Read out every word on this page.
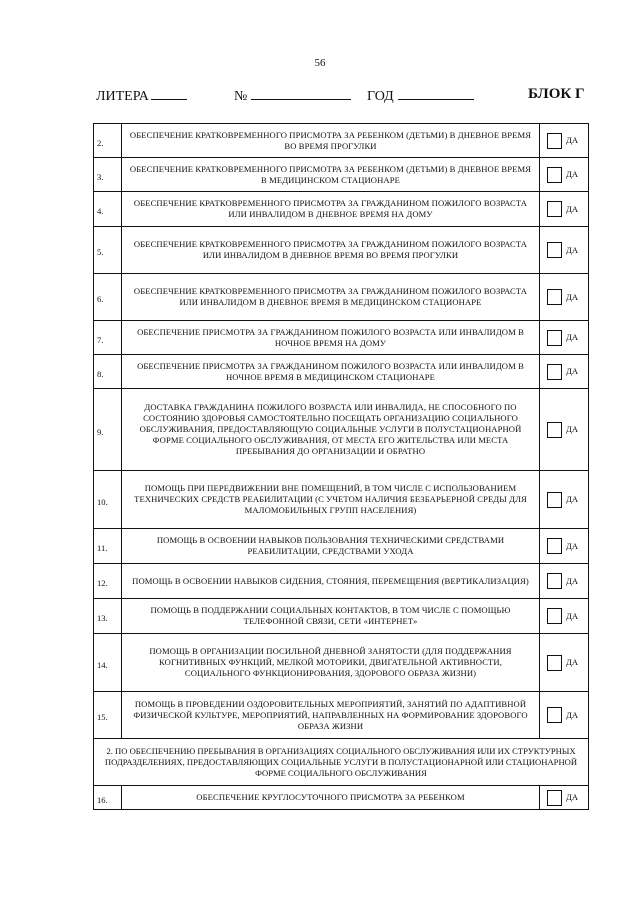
56
ЛИТЕРА	№	ГОД	БЛОК Г
2.	ОБЕСПЕЧЕНИЕ КРАТКОВРЕМЕННОГО ПРИСМОТРА ЗА РЕБЕНКОМ (ДЕТЬМИ) В ДНЕВНОЕ ВРЕМЯ ВО ВРЕМЯ ПРОГУЛКИ	ДА
3.	ОБЕСПЕЧЕНИЕ КРАТКОВРЕМЕННОГО ПРИСМОТРА ЗА РЕБЕНКОМ (ДЕТЬМИ) В ДНЕВНОЕ ВРЕМЯ В МЕДИЦИНСКОМ СТАЦИОНАРЕ	ДА
4.	ОБЕСПЕЧЕНИЕ КРАТКОВРЕМЕННОГО ПРИСМОТРА ЗА ГРАЖДАНИНОМ ПОЖИЛОГО ВОЗРАСТА ИЛИ ИНВАЛИДОМ В ДНЕВНОЕ ВРЕМЯ НА ДОМУ	ДА
5.	ОБЕСПЕЧЕНИЕ КРАТКОВРЕМЕННОГО ПРИСМОТРА ЗА ГРАЖДАНИНОМ ПОЖИЛОГО ВОЗРАСТА ИЛИ ИНВАЛИДОМ В ДНЕВНОЕ ВРЕМЯ ВО ВРЕМЯ ПРОГУЛКИ	ДА
6.	ОБЕСПЕЧЕНИЕ КРАТКОВРЕМЕННОГО ПРИСМОТРА ЗА ГРАЖДАНИНОМ ПОЖИЛОГО ВОЗРАСТА ИЛИ ИНВАЛИДОМ В ДНЕВНОЕ ВРЕМЯ В МЕДИЦИНСКОМ СТАЦИОНАРЕ	ДА
7.	ОБЕСПЕЧЕНИЕ ПРИСМОТРА ЗА ГРАЖДАНИНОМ ПОЖИЛОГО ВОЗРАСТА ИЛИ ИНВАЛИДОМ В НОЧНОЕ ВРЕМЯ НА ДОМУ	ДА
8.	ОБЕСПЕЧЕНИЕ ПРИСМОТРА ЗА ГРАЖДАНИНОМ ПОЖИЛОГО ВОЗРАСТА ИЛИ ИНВАЛИДОМ В НОЧНОЕ ВРЕМЯ В МЕДИЦИНСКОМ СТАЦИОНАРЕ	ДА
9.	ДОСТАВКА ГРАЖДАНИНА ПОЖИЛОГО ВОЗРАСТА ИЛИ ИНВАЛИДА, НЕ СПОСОБНОГО ПО СОСТОЯНИЮ ЗДОРОВЬЯ САМОСТОЯТЕЛЬНО ПОСЕЩАТЬ ОРГАНИЗАЦИЮ СОЦИАЛЬНОГО ОБСЛУЖИВАНИЯ, ПРЕДОСТАВЛЯЮЩУЮ СОЦИАЛЬНЫЕ УСЛУГИ В ПОЛУСТАЦИОНАРНОЙ ФОРМЕ СОЦИАЛЬНОГО ОБСЛУЖИВАНИЯ, ОТ МЕСТА ЕГО ЖИТЕЛЬСТВА ИЛИ МЕСТА ПРЕБЫВАНИЯ ДО ОРГАНИЗАЦИИ И ОБРАТНО	ДА
10.	ПОМОЩЬ ПРИ ПЕРЕДВИЖЕНИИ ВНЕ ПОМЕЩЕНИЙ, В ТОМ ЧИСЛЕ С ИСПОЛЬЗОВАНИЕМ ТЕХНИЧЕСКИХ СРЕДСТВ РЕАБИЛИТАЦИИ (С УЧЕТОМ НАЛИЧИЯ БЕЗБАРЬЕРНОЙ СРЕДЫ ДЛЯ МАЛОМОБИЛЬНЫХ ГРУПП НАСЕЛЕНИЯ)	ДА
11.	ПОМОЩЬ В ОСВОЕНИИ НАВЫКОВ ПОЛЬЗОВАНИЯ ТЕХНИЧЕСКИМИ СРЕДСТВАМИ РЕАБИЛИТАЦИИ, СРЕДСТВАМИ УХОДА	ДА
12.	ПОМОЩЬ В ОСВОЕНИИ НАВЫКОВ СИДЕНИЯ, СТОЯНИЯ, ПЕРЕМЕЩЕНИЯ (ВЕРТИКАЛИЗАЦИЯ)	ДА
13.	ПОМОЩЬ В ПОДДЕРЖАНИИ СОЦИАЛЬНЫХ КОНТАКТОВ, В ТОМ ЧИСЛЕ С ПОМОЩЬЮ ТЕЛЕФОННОЙ СВЯЗИ, СЕТИ «ИНТЕРНЕТ»	ДА
14.	ПОМОЩЬ В ОРГАНИЗАЦИИ ПОСИЛЬНОЙ ДНЕВНОЙ ЗАНЯТОСТИ (ДЛЯ ПОДДЕРЖАНИЯ КОГНИТИВНЫХ ФУНКЦИЙ, МЕЛКОЙ МОТОРИКИ, ДВИГАТЕЛЬНОЙ АКТИВНОСТИ, СОЦИАЛЬНОГО ФУНКЦИОНИРОВАНИЯ, ЗДОРОВОГО ОБРАЗА ЖИЗНИ)	ДА
15.	ПОМОЩЬ В ПРОВЕДЕНИИ ОЗДОРОВИТЕЛЬНЫХ МЕРОПРИЯТИЙ, ЗАНЯТИЙ ПО АДАПТИВНОЙ ФИЗИЧЕСКОЙ КУЛЬТУРЕ, МЕРОПРИЯТИЙ, НАПРАВЛЕННЫХ НА ФОРМИРОВАНИЕ ЗДОРОВОГО ОБРАЗА ЖИЗНИ	ДА
2. ПО ОБЕСПЕЧЕНИЮ ПРЕБЫВАНИЯ В ОРГАНИЗАЦИЯХ СОЦИАЛЬНОГО ОБСЛУЖИВАНИЯ ИЛИ ИХ СТРУКТУРНЫХ ПОДРАЗДЕЛЕНИЯХ, ПРЕДОСТАВЛЯЮЩИХ СОЦИАЛЬНЫЕ УСЛУГИ В ПОЛУСТАЦИОНАРНОЙ ИЛИ СТАЦИОНАРНОЙ ФОРМЕ СОЦИАЛЬНОГО ОБСЛУЖИВАНИЯ		
16.	ОБЕСПЕЧЕНИЕ КРУГЛОСУТОЧНОГО ПРИСМОТРА ЗА РЕБЕНКОМ	ДА
